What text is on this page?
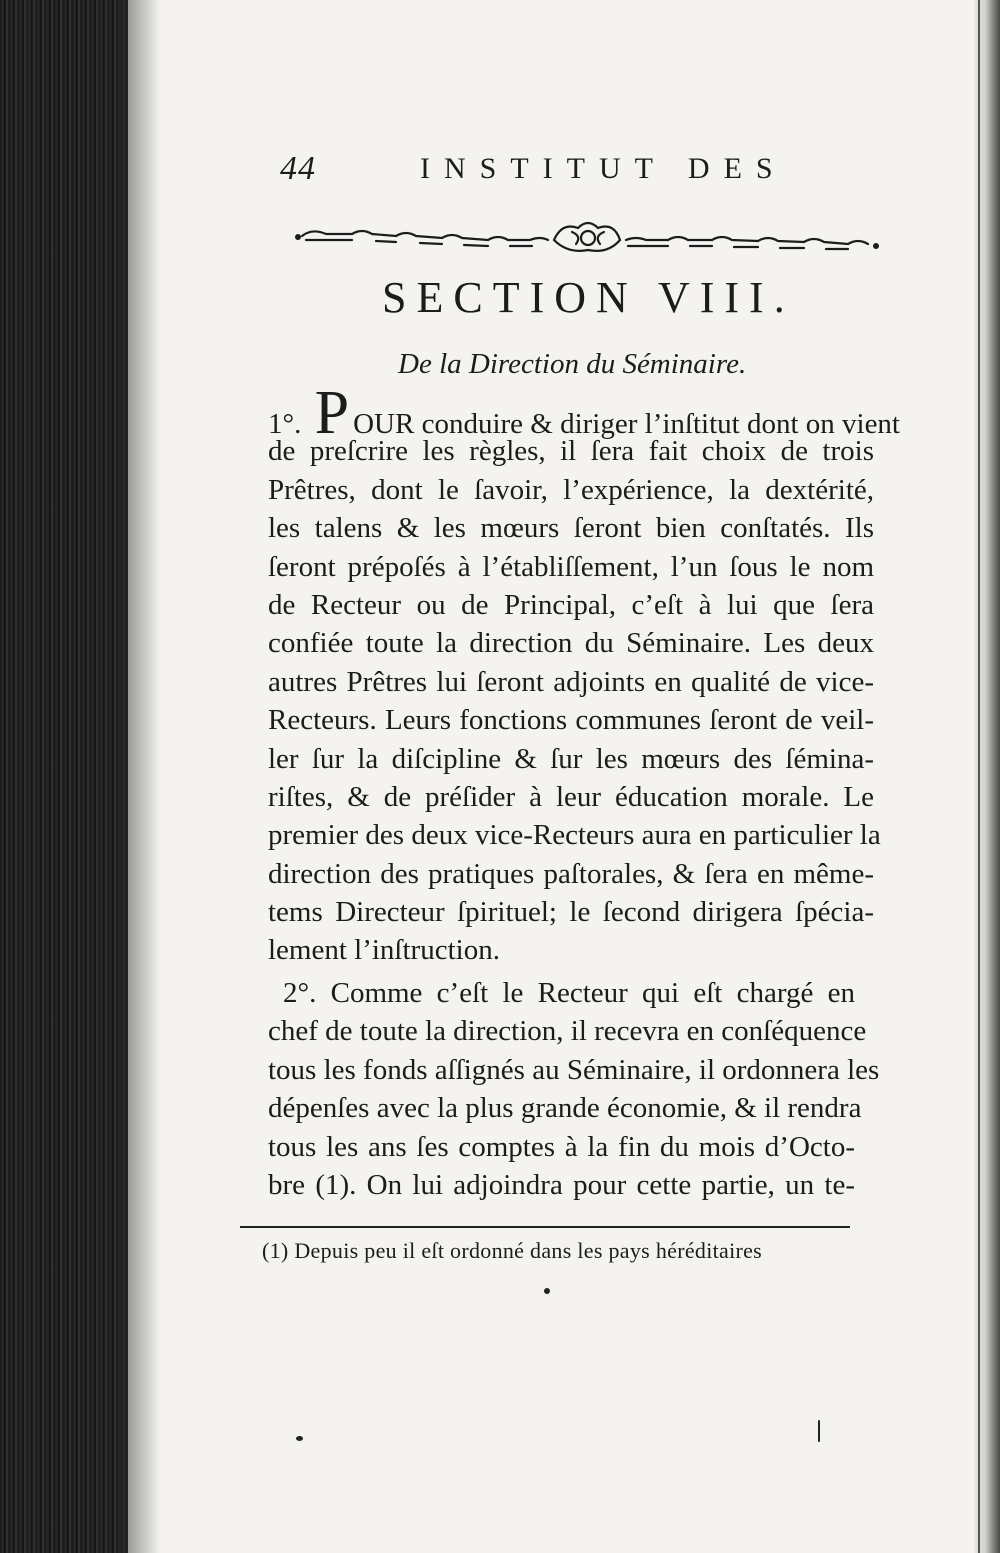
44	INSTITUT DES
SECTION VIII.
De la Direction du Séminaire.
1°. P OUR conduire & diriger l’inſtitut dont on vient
de preſcrire les règles, il ſera fait choix de trois
Prêtres, dont le ſavoir, l’expérience, la dextérité,
les talens & les mœurs ſeront bien conſtatés. Ils
ſeront prépoſés à l’établiſſement, l’un ſous le nom
de Recteur ou de Principal, c’eſt à lui que ſera
confiée toute la direction du Séminaire. Les deux
autres Prêtres lui ſeront adjoints en qualité de vice-
Recteurs. Leurs fonctions communes ſeront de veil-
ler ſur la diſcipline & ſur les mœurs des ſémina-
riſtes, & de préſider à leur éducation morale. Le
premier des deux vice-Recteurs aura en particulier la
direction des pratiques paſtorales, & ſera en même-
tems Directeur ſpirituel; le ſecond dirigera ſpécia-
lement l’inſtruction.
2°. Comme c’eſt le Recteur qui eſt chargé en
chef de toute la direction, il recevra en conſéquence
tous les fonds aſſignés au Séminaire, il ordonnera les
dépenſes avec la plus grande économie, & il rendra
tous les ans ſes comptes à la fin du mois d’Octo-
bre (1). On lui adjoindra pour cette partie, un te-
(1) Depuis peu il eſt ordonné dans les pays héréditaires
